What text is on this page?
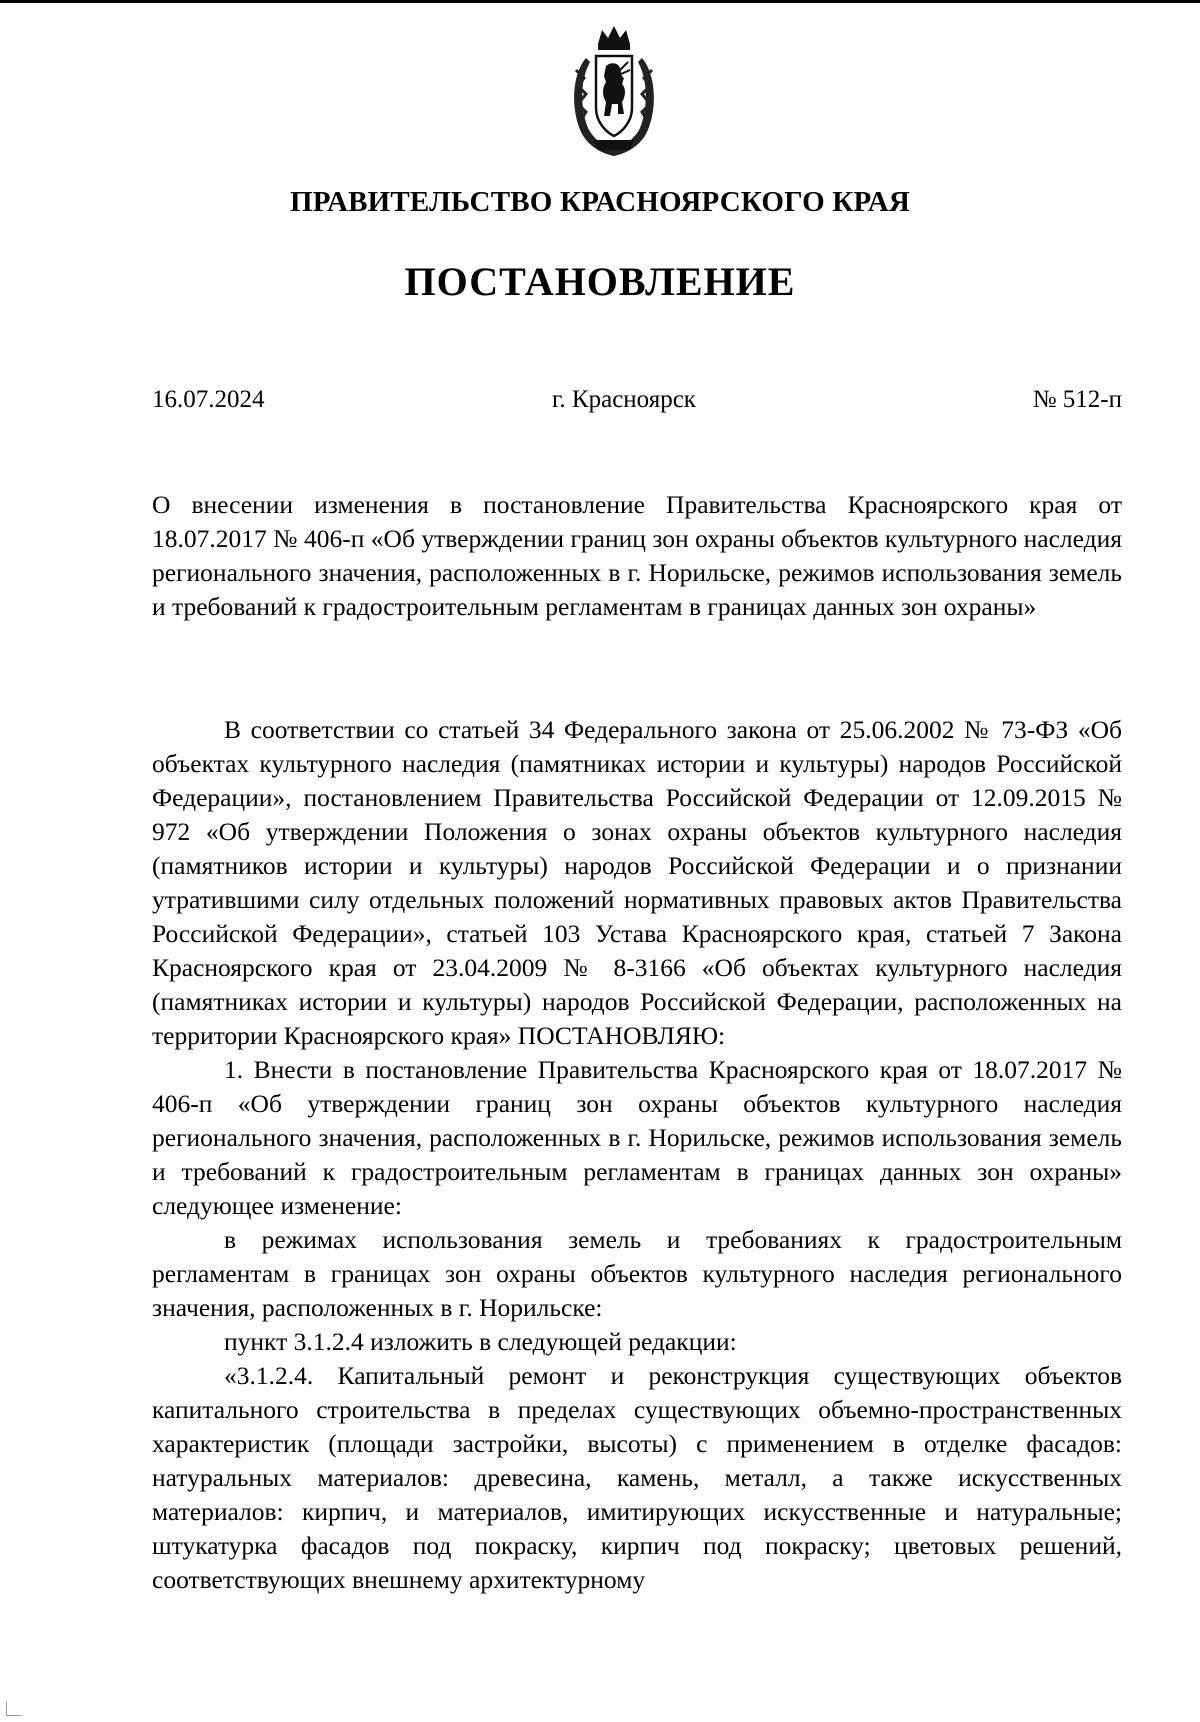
ПРАВИТЕЛЬСТВО КРАСНОЯРСКОГО КРАЯ
ПОСТАНОВЛЕНИЕ
16.07.2024	г. Красноярск	№ 512-п

О внесении изменения в постановление Правительства Красноярского края от 18.07.2017 № 406-п «Об утверждении границ зон охраны объектов культурного наследия регионального значения, расположенных в г. Норильске, режимов использования земель и требований к градостроительным регламентам в границах данных зон охраны»

В соответствии со статьей 34 Федерального закона от 25.06.2002 № 73-ФЗ «Об объектах культурного наследия (памятниках истории и культуры) народов Российской Федерации», постановлением Правительства Российской Федерации от 12.09.2015 № 972 «Об утверждении Положения о зонах охраны объектов культурного наследия (памятников истории и культуры) народов Российской Федерации и о признании утратившими силу отдельных положений нормативных правовых актов Правительства Российской Федерации», статьей 103 Устава Красноярского края, статьей 7 Закона Красноярского края от 23.04.2009 № 8-3166 «Об объектах культурного наследия (памятниках истории и культуры) народов Российской Федерации, расположенных на территории Красноярского края» ПОСТАНОВЛЯЮ:

1. Внести в постановление Правительства Красноярского края от 18.07.2017 № 406-п «Об утверждении границ зон охраны объектов культурного наследия регионального значения, расположенных в г. Норильске, режимов использования земель и требований к градостроительным регламентам в границах данных зон охраны» следующее изменение:

в режимах использования земель и требованиях к градостроительным регламентам в границах зон охраны объектов культурного наследия регионального значения, расположенных в г. Норильске:

пункт 3.1.2.4 изложить в следующей редакции:

«3.1.2.4. Капитальный ремонт и реконструкция существующих объектов капитального строительства в пределах существующих объемно-пространственных характеристик (площади застройки, высоты) с применением в отделке фасадов: натуральных материалов: древесина, камень, металл, а также искусственных материалов: кирпич, и материалов, имитирующих искусственные и натуральные; штукатурка фасадов под покраску, кирпич под покраску; цветовых решений, соответствующих внешнему архитектурному
